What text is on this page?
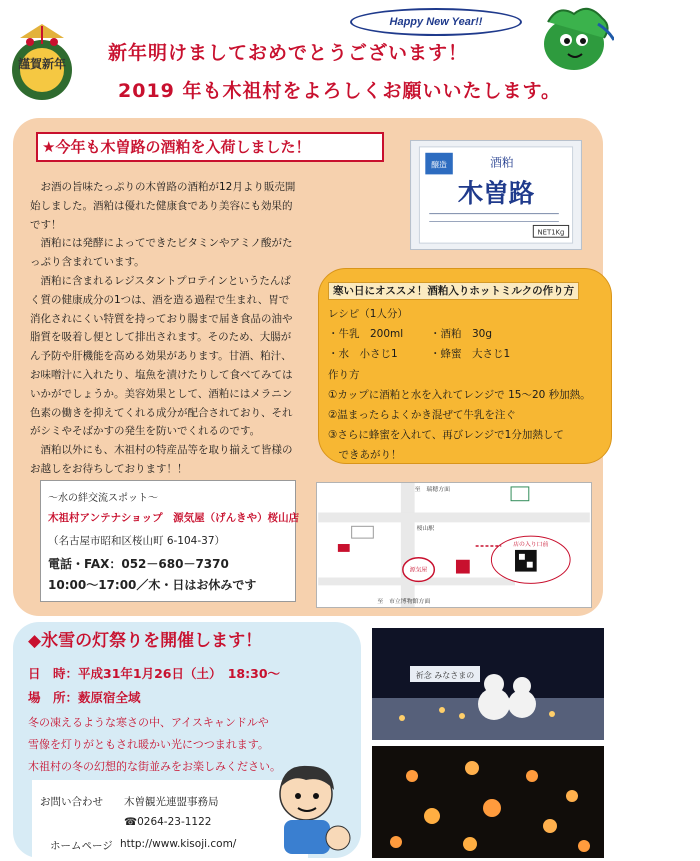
謹賀新年 新年明けましておめでとうございます！
2019 年も木祖村をよろしくお願いいたします。
Happy New Year!!
★今年も木曽路の酒粕を入荷しました！
醸造	酒粕
木曽路
NET1Kg

お酒の旨味たっぷりの木曽路の酒粕が12月より販売開始しました。酒粕は優れた健康食であり美容にも効果的です！

酒粕には発酵によってできたビタミンやアミノ酸がたっぷり含まれています。

酒粕に含まれるレジスタントプロテインというたんぱく質の健康成分の1つは、酒を造る過程で生まれ、胃で消化されにくい特質を持っており腸まで届き食品の油や脂質を吸着し便として排出されます。そのため、大腸がん予防や肝機能を高める効果があります。甘酒、粕汁、お味噌汁に入れたり、塩魚を漬けたりして食べてみてはいかがでしょうか。美容効果として、酒粕にはメラニン色素の働きを抑えてくれる成分が配合されており、それがシミやそばかすの発生を防いでくれるのです。

酒粕以外にも、木祖村の特産品等を取り揃えて皆様のお越しをお待ちしております！！

寒い日にオススメ！酒粕入りホットミルクの作り方
レシピ（1人分）
・牛乳　200ml	・酒粕　30g
・水　小さじ1	・蜂蜜　大さじ1
作り方
①カップに酒粕と水を入れてレンジで 15～20 秒加熱。
②温まったらよくかき混ぜて牛乳を注ぐ
③さらに蜂蜜を入れて、再びレンジで1分加熱して
　できあがり！
～水の絆交流スポット～
木祖村アンテナショップ　源気屋（げんきや）桜山店
（名古屋市昭和区桜山町 6-104-37）
電話・FAX：052－680－7370
10:00～17:00／木・日はお休みです
至　瑞穂方面
至　市立博物館方面
桜山駅
源気屋
店の入り口前
◆氷雪の灯祭りを開催します！
日　時：平成31年1月26日（土）　18:30～
場　所：薮原宿全域
冬の凍えるような寒さの中、アイスキャンドルや
雪像を灯りがともされ暖かい光につつまれます。
木祖村の冬の幻想的な街並みをお楽しみください。
祈念 みなさまの
お問い合わせ 木曽観光連盟事務局
☎0264-23-1122
ホームページ http://www.kisoji.com/
